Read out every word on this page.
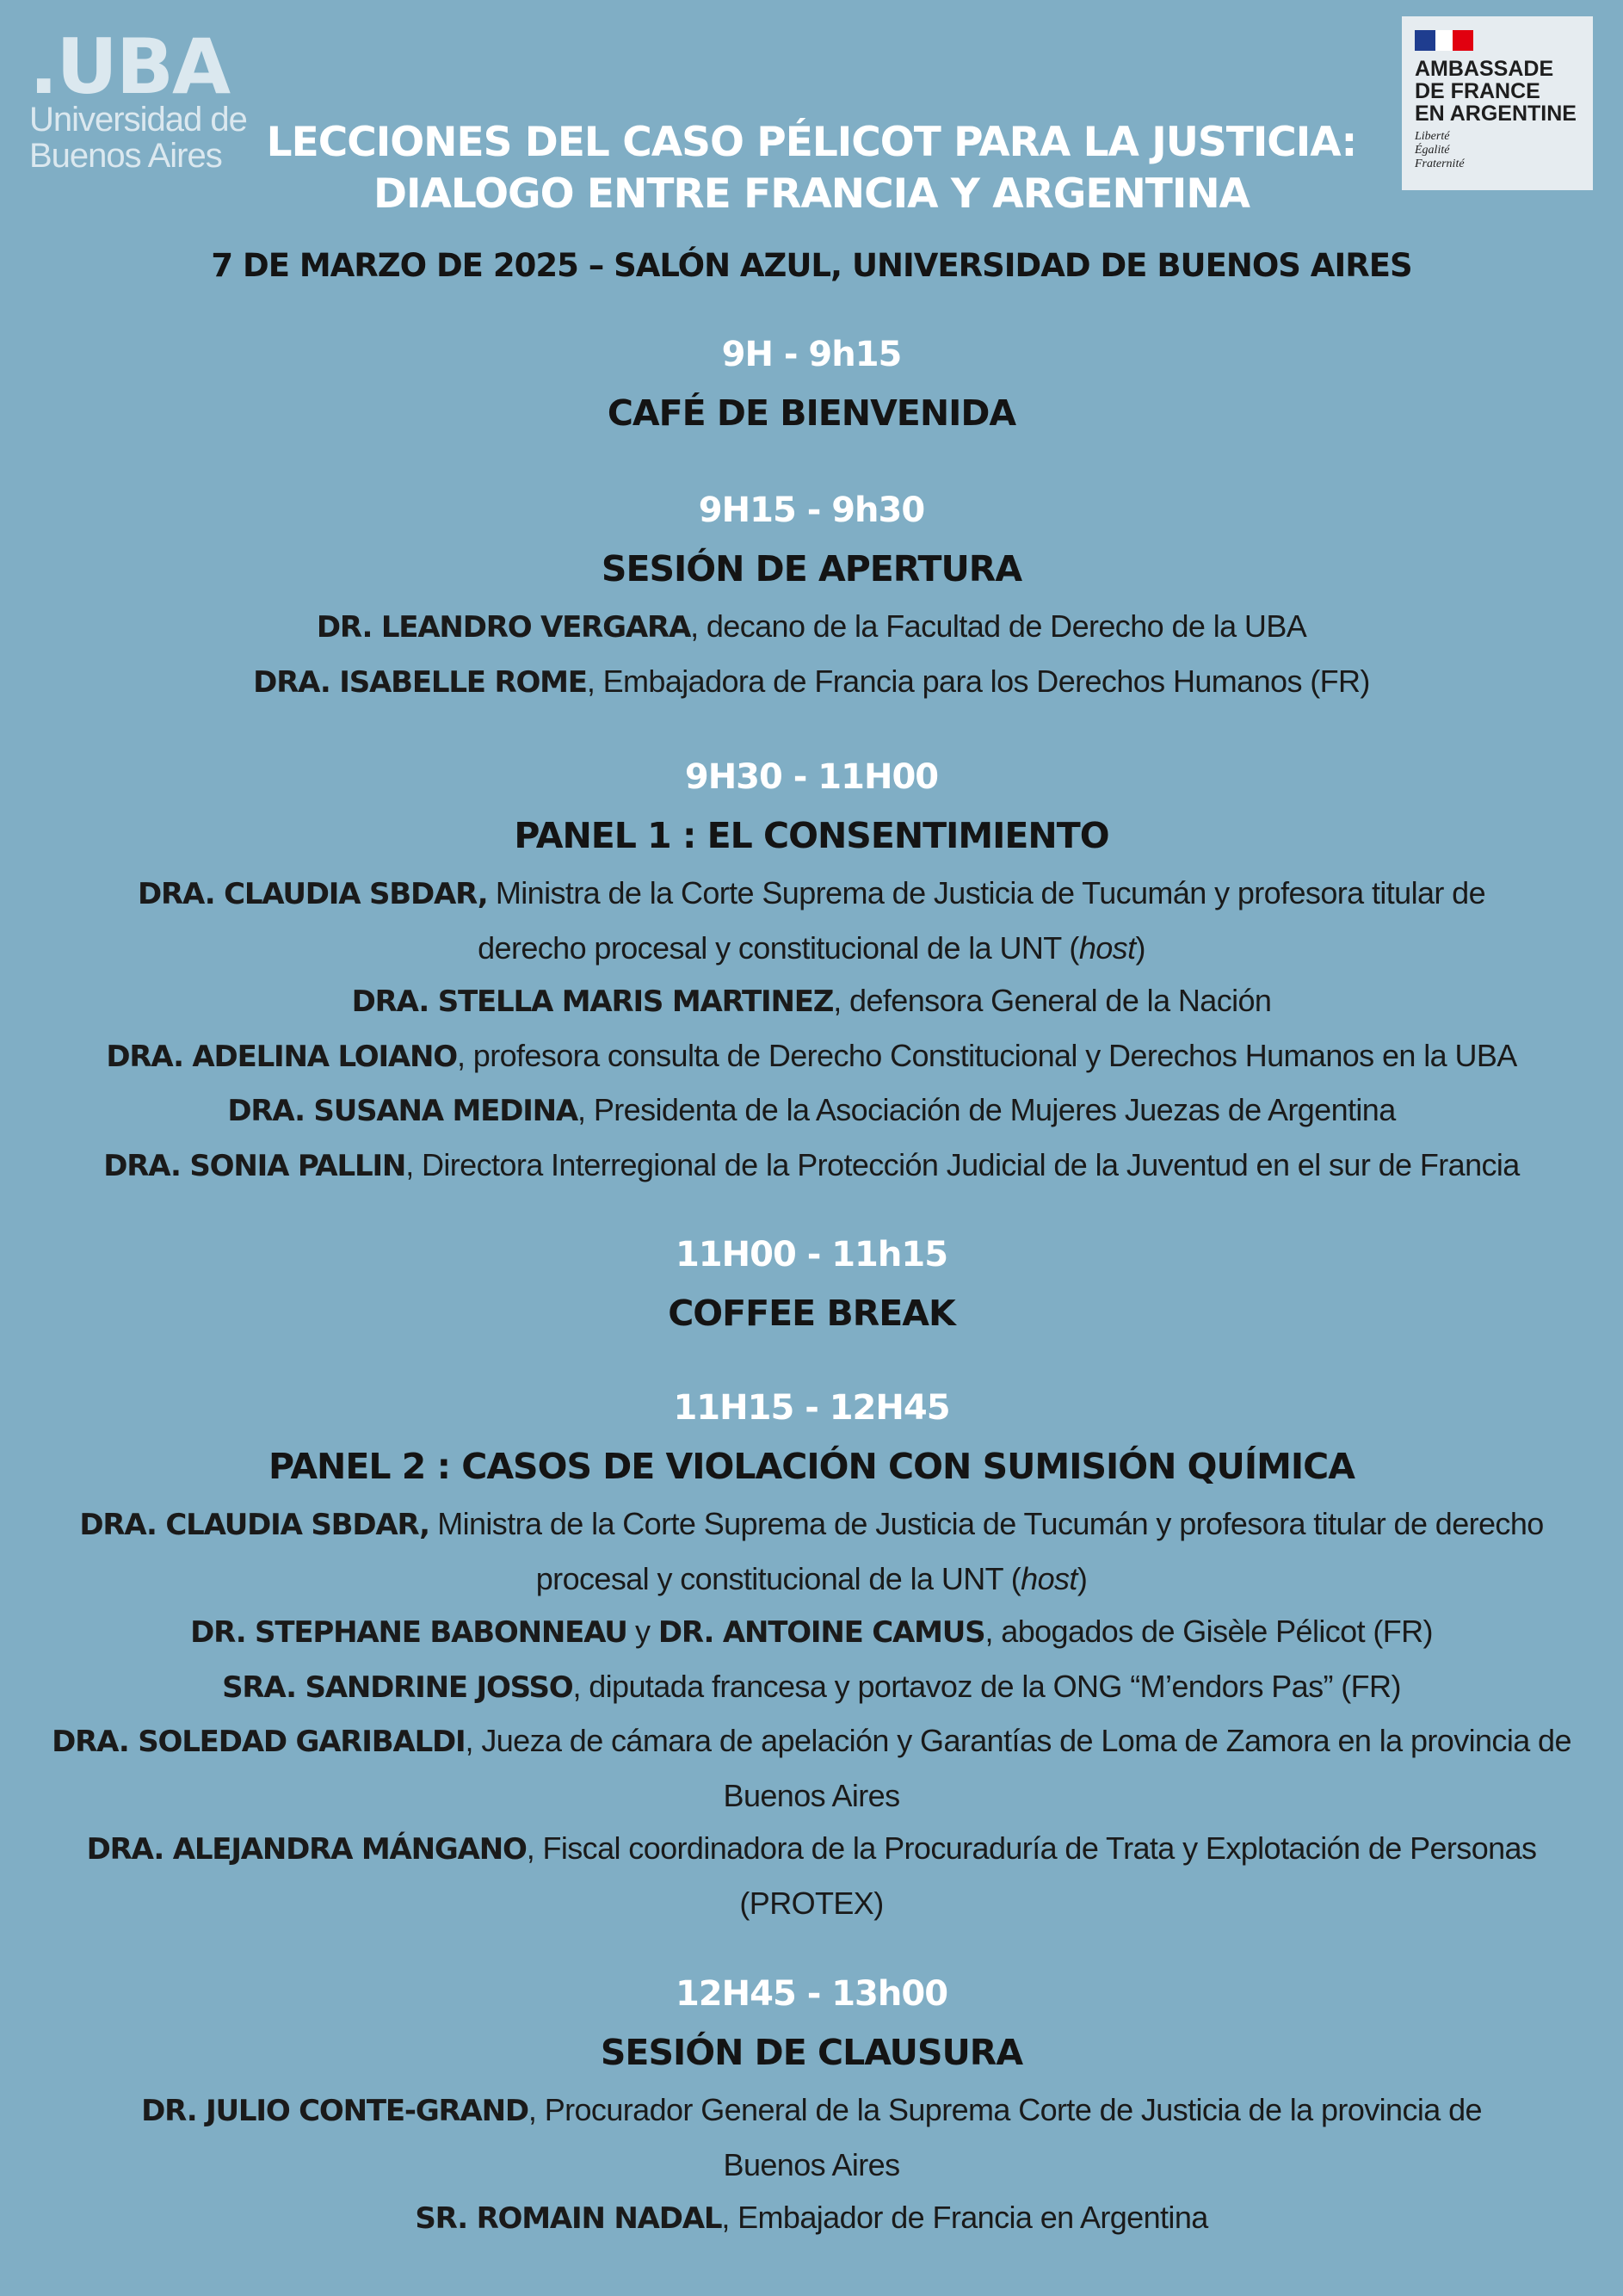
.UBA
Universidad de
Buenos Aires
AMBASSADE
DE FRANCE
EN ARGENTINE
Liberté
Égalité
Fraternité
LECCIONES DEL CASO PÉLICOT PARA LA JUSTICIA:
DIALOGO ENTRE FRANCIA Y ARGENTINA
7 DE MARZO DE 2025 – SALÓN AZUL, UNIVERSIDAD DE BUENOS AIRES
9H - 9h15
CAFÉ DE BIENVENIDA
9H15 - 9h30
SESIÓN DE APERTURA
DR. LEANDRO VERGARA, decano de la Facultad de Derecho de la UBA
DRA. ISABELLE ROME, Embajadora de Francia para los Derechos Humanos (FR)
9H30 - 11H00
PANEL 1 : EL CONSENTIMIENTO
DRA. CLAUDIA SBDAR, Ministra de la Corte Suprema de Justicia de Tucumán y profesora titular de
derecho procesal y constitucional de la UNT (host)
DRA. STELLA MARIS MARTINEZ, defensora General de la Nación
DRA. ADELINA LOIANO, profesora consulta de Derecho Constitucional y Derechos Humanos en la UBA
DRA. SUSANA MEDINA, Presidenta de la Asociación de Mujeres Juezas de Argentina
DRA. SONIA PALLIN, Directora Interregional de la Protección Judicial de la Juventud en el sur de Francia
11H00 - 11h15
COFFEE BREAK
11H15 - 12H45
PANEL 2 : CASOS DE VIOLACIÓN CON SUMISIÓN QUÍMICA
DRA. CLAUDIA SBDAR, Ministra de la Corte Suprema de Justicia de Tucumán y profesora titular de derecho
procesal y constitucional de la UNT (host)
DR. STEPHANE BABONNEAU y DR. ANTOINE CAMUS, abogados de Gisèle Pélicot (FR)
SRA. SANDRINE JOSSO, diputada francesa y portavoz de la ONG “M’endors Pas” (FR)
DRA. SOLEDAD GARIBALDI, Jueza de cámara de apelación y Garantías de Loma de Zamora en la provincia de
Buenos Aires
DRA. ALEJANDRA MÁNGANO, Fiscal coordinadora de la Procuraduría de Trata y Explotación de Personas
(PROTEX)
12H45 - 13h00
SESIÓN DE CLAUSURA
DR. JULIO CONTE-GRAND, Procurador General de la Suprema Corte de Justicia de la provincia de
Buenos Aires
SR. ROMAIN NADAL, Embajador de Francia en Argentina
